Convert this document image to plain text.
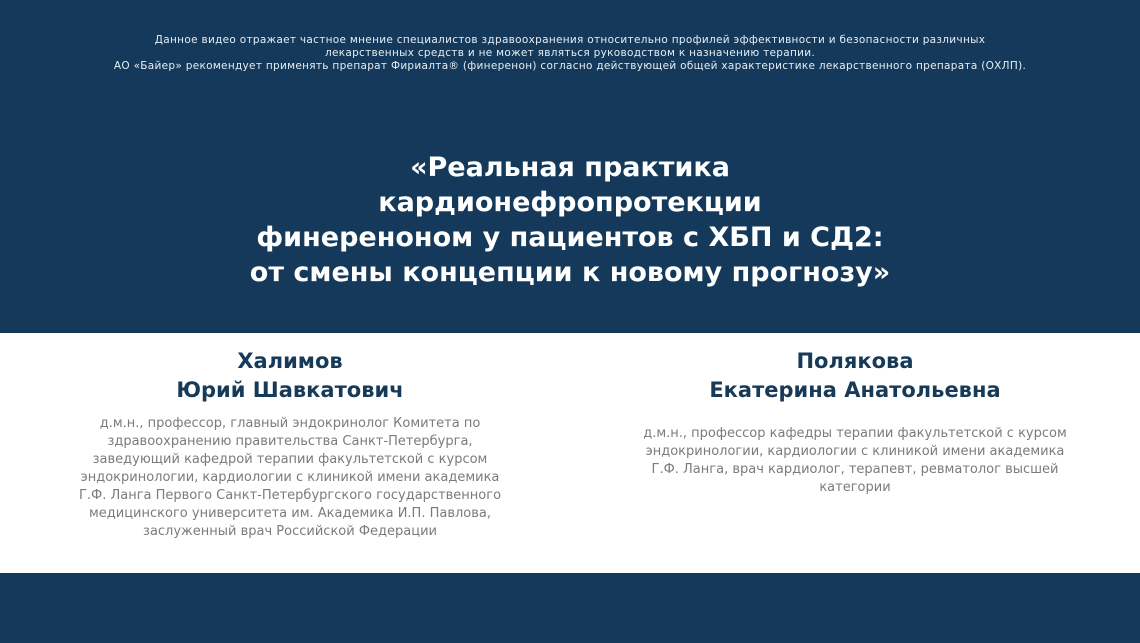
Данное видео отражает частное мнение специалистов здравоохранения относительно профилей эффективности и безопасности различных
лекарственных средств и не может являться руководством к назначению терапии.
АО «Байер» рекомендует применять препарат Фириалта® (финеренон) согласно действующей общей характеристике лекарственного препарата (ОХЛП).
«Реальная практика
кардионефропротекции
финереноном у пациентов с ХБП и СД2:
от смены концепции к новому прогнозу»
Халимов
Юрий Шавкатович
д.м.н., профессор, главный эндокринолог Комитета по
здравоохранению правительства Санкт-Петербурга,
заведующий кафедрой терапии факультетской с курсом
эндокринологии, кардиологии с клиникой имени академика
Г.Ф. Ланга Первого Санкт-Петербургского государственного
медицинского университета им. Академика И.П. Павлова,
заслуженный врач Российской Федерации
Полякова
Екатерина Анатольевна
д.м.н., профессор кафедры терапии факультетской с курсом
эндокринологии, кардиологии с клиникой имени академика
Г.Ф. Ланга, врач кардиолог, терапевт, ревматолог высшей
категории
